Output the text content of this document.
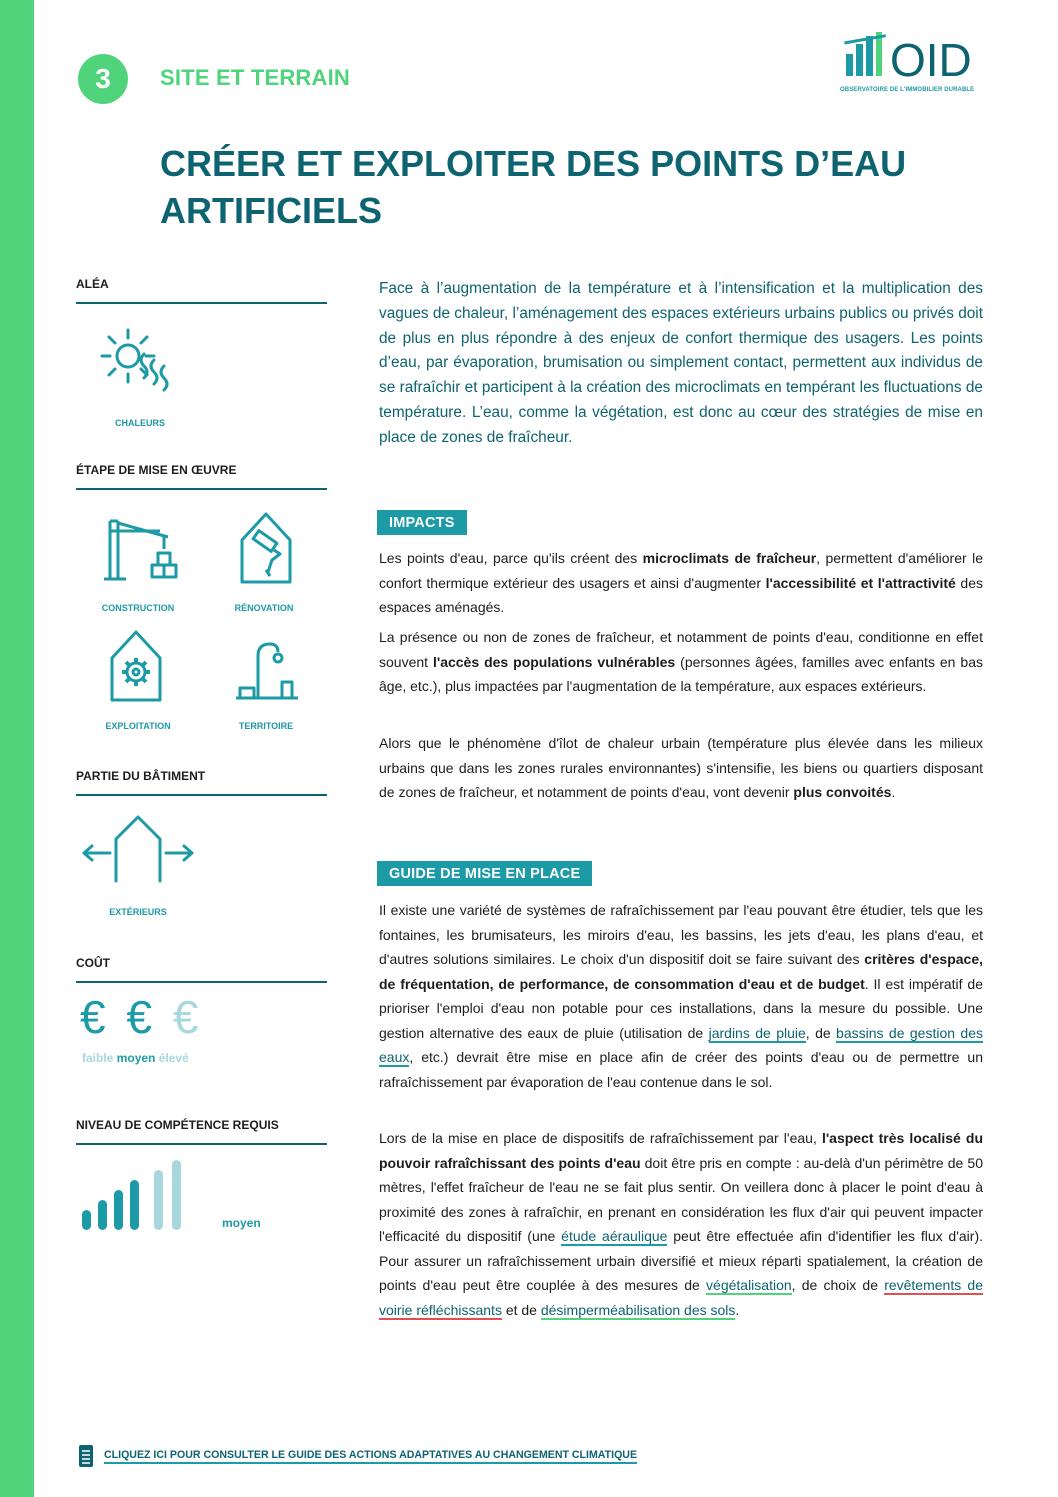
3	SITE ET TERRAIN	OID
OBSERVATOIRE DE L'IMMOBILIER DURABLE
CRÉER ET EXPLOITER DES POINTS D’EAU ARTIFICIELS
ALÉA
CHALEURS
ÉTAPE DE MISE EN ŒUVRE
CONSTRUCTION	RÉNOVATION
EXPLOITATION	TERRITOIRE
PARTIE DU BÂTIMENT
EXTÉRIEURS
COÛT
€ € €
faible moyen élevé
NIVEAU DE COMPÉTENCE REQUIS
moyen

Face à l’augmentation de la température et à l’intensification et la multiplication des vagues de chaleur, l’aménagement des espaces extérieurs urbains publics ou privés doit de plus en plus répondre à des enjeux de confort thermique des usagers. Les points d’eau, par évaporation, brumisation ou simplement contact, permettent aux individus de se rafraîchir et participent à la création des microclimats en tempérant les fluctuations de température. L’eau, comme la végétation, est donc au cœur des stratégies de mise en place de zones de fraîcheur.

IMPACTS

Les points d'eau, parce qu'ils créent des microclimats de fraîcheur, permettent d'améliorer le confort thermique extérieur des usagers et ainsi d'augmenter l'accessibilité et l'attractivité des espaces aménagés.

La présence ou non de zones de fraîcheur, et notamment de points d'eau, conditionne en effet souvent l'accès des populations vulnérables (personnes âgées, familles avec enfants en bas âge, etc.), plus impactées par l'augmentation de la température, aux espaces extérieurs.

Alors que le phénomène d'îlot de chaleur urbain (température plus élevée dans les milieux urbains que dans les zones rurales environnantes) s'intensifie, les biens ou quartiers disposant de zones de fraîcheur, et notamment de points d'eau, vont devenir plus convoités.

GUIDE DE MISE EN PLACE

Il existe une variété de systèmes de rafraîchissement par l'eau pouvant être étudier, tels que les fontaines, les brumisateurs, les miroirs d'eau, les bassins, les jets d'eau, les plans d'eau, et d'autres solutions similaires. Le choix d'un dispositif doit se faire suivant des critères d'espace, de fréquentation, de performance, de consommation d'eau et de budget. Il est impératif de prioriser l'emploi d'eau non potable pour ces installations, dans la mesure du possible. Une gestion alternative des eaux de pluie (utilisation de jardins de pluie, de bassins de gestion des eaux, etc.) devrait être mise en place afin de créer des points d'eau ou de permettre un rafraîchissement par évaporation de l'eau contenue dans le sol.

Lors de la mise en place de dispositifs de rafraîchissement par l'eau, l'aspect très localisé du pouvoir rafraîchissant des points d'eau doit être pris en compte : au-delà d'un périmètre de 50 mètres, l'effet fraîcheur de l'eau ne se fait plus sentir. On veillera donc à placer le point d'eau à proximité des zones à rafraîchir, en prenant en considération les flux d'air qui peuvent impacter l'efficacité du dispositif (une étude aéraulique peut être effectuée afin d'identifier les flux d'air). Pour assurer un rafraîchissement urbain diversifié et mieux réparti spatialement, la création de points d'eau peut être couplée à des mesures de végétalisation, de choix de revêtements de voirie réfléchissants et de désimperméabilisation des sols.

CLIQUEZ ICI POUR CONSULTER LE GUIDE DES ACTIONS ADAPTATIVES AU CHANGEMENT CLIMATIQUE
